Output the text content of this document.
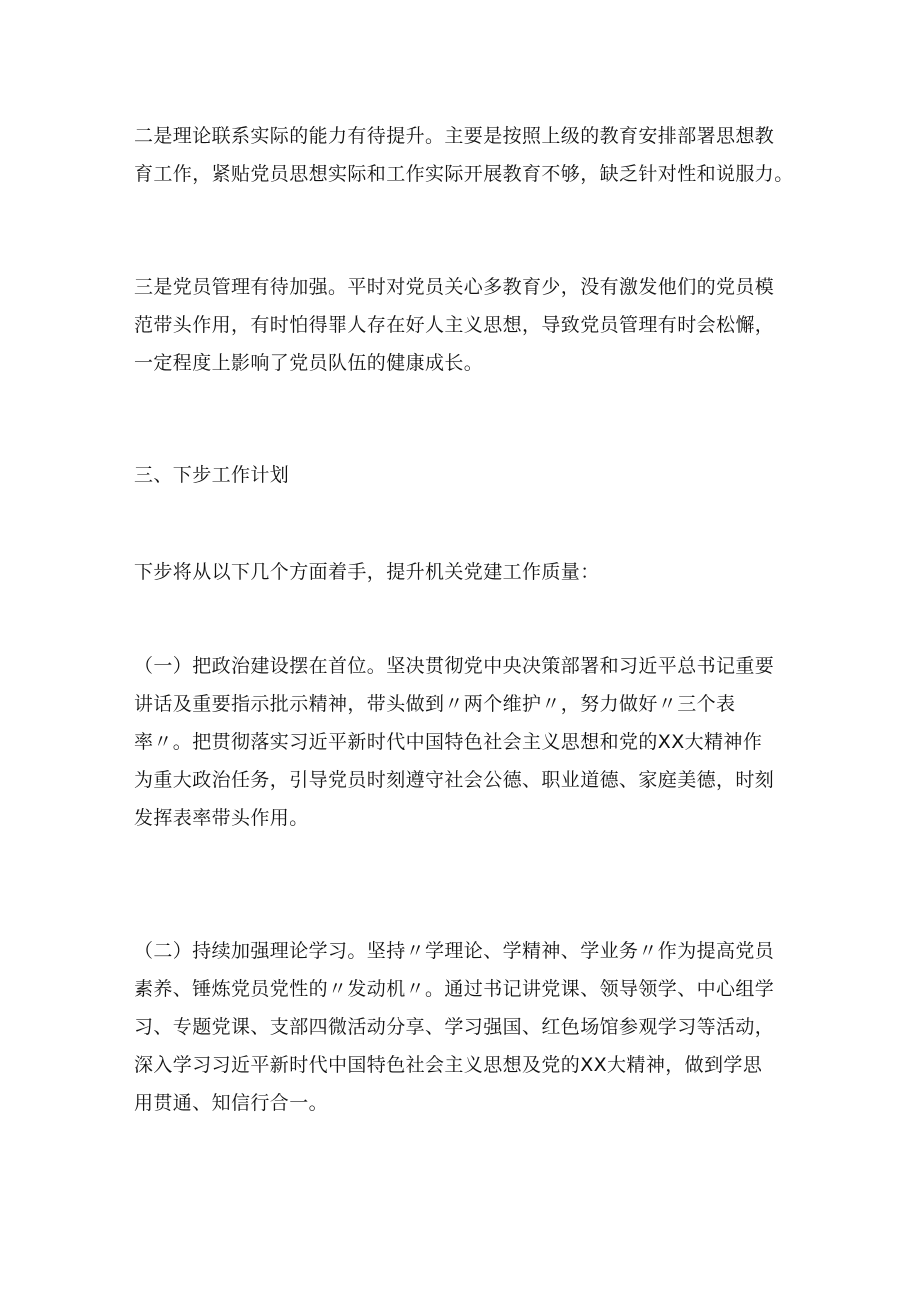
二是理论联系实际的能力有待提升。主要是按照上级的教育安排部署思想教
育工作，紧贴党员思想实际和工作实际开展教育不够，缺乏针对性和说服力。

三是党员管理有待加强。平时对党员关心多教育少，没有激发他们的党员模
范带头作用，有时怕得罪人存在好人主义思想，导致党员管理有时会松懈，
一定程度上影响了党员队伍的健康成长。

三、下步工作计划

下步将从以下几个方面着手，提升机关党建工作质量：

（一）把政治建设摆在首位。坚决贯彻党中央决策部署和习近平总书记重要
讲话及重要指示批示精神，带头做到〃两个维护〃，努力做好〃三个表
率〃。把贯彻落实习近平新时代中国特色社会主义思想和党的XX大精神作
为重大政治任务，引导党员时刻遵守社会公德、职业道德、家庭美德，时刻
发挥表率带头作用。

（二）持续加强理论学习。坚持〃学理论、学精神、学业务〃作为提高党员
素养、锤炼党员党性的〃发动机〃。通过书记讲党课、领导领学、中心组学
习、专题党课、支部四微活动分享、学习强国、红色场馆参观学习等活动，
深入学习习近平新时代中国特色社会主义思想及党的XX大精神，做到学思
用贯通、知信行合一。
